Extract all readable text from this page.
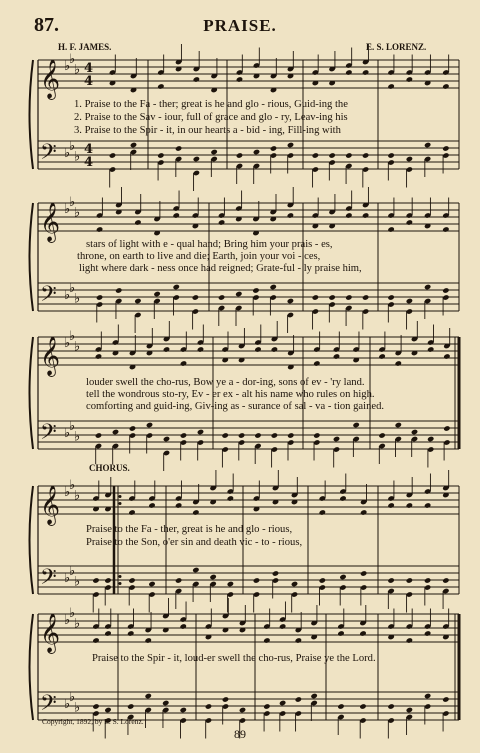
87.	PRAISE.
H. F. JAMES.	E. S. LORENZ.
𝄞
𝄢
♭
♭
♭
♭
♭
♭
4
4
4
4
𝄞
𝄢
♭
♭
♭
♭
♭
♭
𝄞
𝄢
♭
♭
♭
♭
♭
♭
𝄞
𝄢
♭
♭
♭
♭
♭
♭
𝄞
𝄢
♭
♭
♭
♭
♭
♭
1. Praise to the Fa - ther; great is he and glo - rious, Guid-ing the
2. Praise to the Sav - iour, full of grace and glo - ry, Leav-ing his
3. Praise to the Spir - it, in our hearts a - bid - ing, Fill-ing with
stars of light with e - qual hand; Bring him your prais - es,
throne, on earth to live and die; Earth, join your voi - ces,
light where dark - ness once had reigned; Grate-ful - ly praise him,
louder swell the cho-rus, Bow ye a - dor-ing, sons of ev - 'ry land.
tell the wondrous sto-ry, Ev - er ex - alt his name who rules on high.
comforting and guid-ing, Giv-ing as - surance of sal - va - tion gained.
CHORUS.
Praise to the Fa - ther, great is he and glo - rious,
Praise to the Son, o'er sin and death vic - to - rious,
Praise to the Spir - it, loud-er swell the cho-rus, Praise ye the Lord.
Copyright, 1892, by E. S. Lorenz.
89
